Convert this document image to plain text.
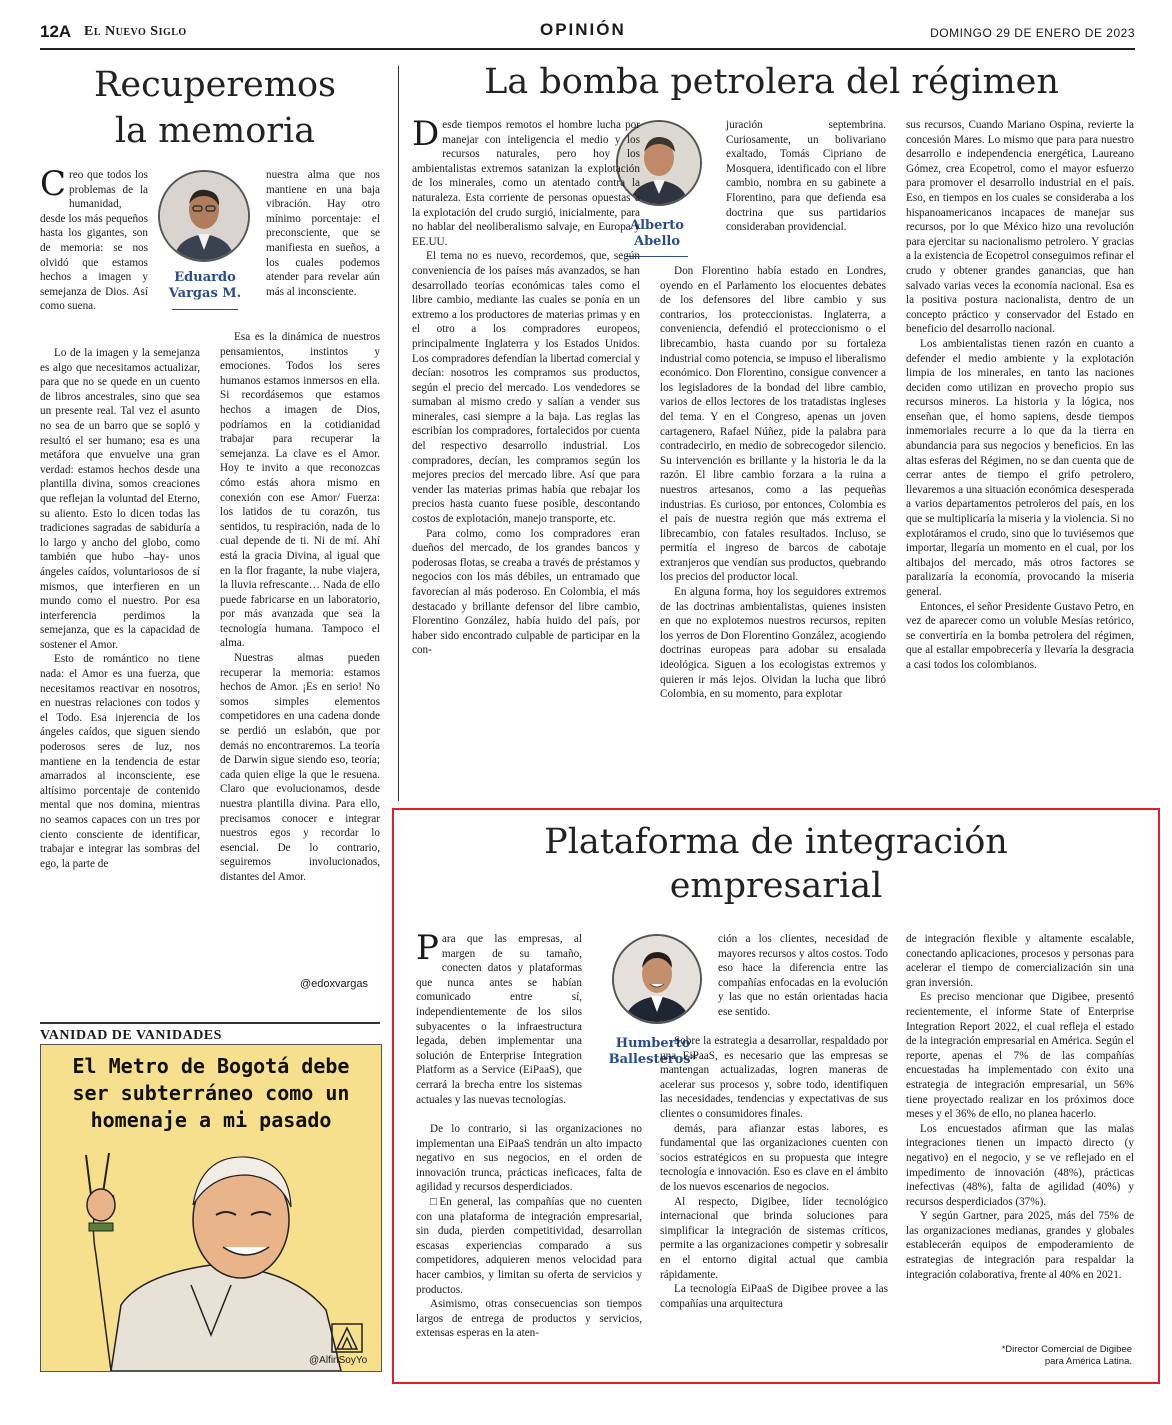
12A El Nuevo Siglo	OPINIÓN	DOMINGO 29 DE ENERO DE 2023
Recuperemos
la memoria
Eduardo
Vargas M.

Creo que todos los problemas de la humanidad, desde los más pequeños hasta los gigantes, son de memoria: se nos olvidó que estamos hechos a imagen y semejanza de Dios. Así como suena.

Lo de la imagen y la semejanza es algo que necesitamos actualizar, para que no se quede en un cuento de libros ancestrales, sino que sea un presente real. Tal vez el asunto no sea de un barro que se sopló y resultó el ser humano; esa es una metáfora que envuelve una gran verdad: estamos hechos desde una plantilla divina, somos creaciones que reflejan la voluntad del Eterno, su aliento. Esto lo dicen todas las tradiciones sagradas de sabiduría a lo largo y ancho del globo, como también que hubo –hay- unos ángeles caídos, voluntariosos de sí mismos, que interfieren en un mundo como el nuestro. Por esa interferencia perdimos la semejanza, que es la capacidad de sostener el Amor.

Esto de romántico no tiene nada: el Amor es una fuerza, que necesitamos reactivar en nosotros, en nuestras relaciones con todos y el Todo. Esa injerencia de los ángeles caídos, que siguen siendo poderosos seres de luz, nos mantiene en la tendencia de estar amarrados al inconsciente, ese altísimo porcentaje de contenido mental que nos domina, mientras no seamos capaces con un tres por ciento consciente de identificar, trabajar e integrar las sombras del ego, la parte de

nuestra alma que nos mantiene en una baja vibración. Hay otro mínimo porcentaje: el preconsciente, que se manifiesta en sueños, a los cuales podemos atender para revelar aún más al inconsciente.

Esa es la dinámica de nuestros pensamientos, instintos y emociones. Todos los seres humanos estamos inmersos en ella. Si recordásemos que estamos hechos a imagen de Dios, podríamos en la cotidianidad trabajar para recuperar la semejanza. La clave es el Amor. Hoy te invito a que reconozcas cómo estás ahora mismo en conexión con ese Amor/ Fuerza: los latidos de tu corazón, tus sentidos, tu respiración, nada de lo cual depende de ti. Ni de mí. Ahí está la gracia Divina, al igual que en la flor fragante, la nube viajera, la lluvia refrescante… Nada de ello puede fabricarse en un laboratorio, por más avanzada que sea la tecnología humana. Tampoco el alma.

Nuestras almas pueden recuperar la memoria: estamos hechos de Amor. ¡Es en serio! No somos simples elementos competidores en una cadena donde se perdió un eslabón, que por demás no encontraremos. La teoría de Darwin sigue siendo eso, teoría; cada quien elige la que le resuena. Claro que evolucionamos, desde nuestra plantilla divina. Para ello, precisamos conocer e integrar nuestros egos y recordar lo esencial. De lo contrario, seguiremos involucionados, distantes del Amor.

@edoxvargas
VANIDAD DE VANIDADES
El Metro de Bogotá debe
ser subterráneo como un
homenaje a mi pasado
@AlfinSoyYo
La bomba petrolera del régimen
Alberto
Abello

Desde tiempos remotos el hombre lucha por manejar con inteligencia el medio y los recursos naturales, pero hoy los ambientalistas extremos satanizan la explotación de los minerales, como un atentado contra la naturaleza. Esta corriente de personas opuestas a la explotación del crudo surgió, inicialmente, para no hablar del neoliberalismo salvaje, en Europa y EE.UU.

El tema no es nuevo, recordemos, que, según conveniencia de los países más avanzados, se han desarrollado teorías económicas tales como el libre cambio, mediante las cuales se ponía en un extremo a los productores de materias primas y en el otro a los compradores europeos, principalmente Inglaterra y los Estados Unidos. Los compradores defendían la libertad comercial y decían: nosotros les compramos sus productos, según el precio del mercado. Los vendedores se sumaban al mismo credo y salían a vender sus minerales, casi siempre a la baja. Las reglas las escribían los compradores, fortalecidos por cuenta del respectivo desarrollo industrial. Los compradores, decían, les compramos según los mejores precios del mercado libre. Así que para vender las materias primas había que rebajar los precios hasta cuanto fuese posible, descontando costos de explotación, manejo transporte, etc.

Para colmo, como los compradores eran dueños del mercado, de los grandes bancos y poderosas flotas, se creaba a través de préstamos y negocios con los más débiles, un entramado que favorecían al más poderoso. En Colombia, el más destacado y brillante defensor del libre cambio, Florentino González, había huido del país, por haber sido encontrado culpable de participar en la con-

juración septembrina. Curiosamente, un bolivariano exaltado, Tomás Cipriano de Mosquera, identificado con el libre cambio, nombra en su gabinete a Florentino, para que defienda esa doctrina que sus partidarios consideraban providencial.

Don Florentino había estado en Londres, oyendo en el Parlamento los elocuentes debates de los defensores del libre cambio y sus contrarios, los proteccionistas. Inglaterra, a conveniencia, defendió el proteccionismo o el librecambio, hasta cuando por su fortaleza industrial como potencia, se impuso el liberalismo económico. Don Florentino, consigue convencer a los legisladores de la bondad del libre cambio, varios de ellos lectores de los tratadistas ingleses del tema. Y en el Congreso, apenas un joven cartagenero, Rafael Núñez, pide la palabra para contradecirlo, en medio de sobrecogedor silencio. Su intervención es brillante y la historia le da la razón. El libre cambio forzara a la ruina a nuestros artesanos, como a las pequeñas industrias. Es curioso, por entonces, Colombia es el país de nuestra región que más extrema el librecambio, con fatales resultados. Incluso, se permitía el ingreso de barcos de cabotaje extranjeros que vendían sus productos, quebrando los precios del productor local.

En alguna forma, hoy los seguidores extremos de las doctrinas ambientalistas, quienes insisten en que no explotemos nuestros recursos, repiten los yerros de Don Florentino González, acogiendo doctrinas europeas para adobar su ensalada ideológica. Siguen a los ecologistas extremos y quieren ir más lejos. Olvidan la lucha que libró Colombia, en su momento, para explotar

sus recursos, Cuando Mariano Ospina, revierte la concesión Mares. Lo mismo que para para nuestro desarrollo e independencia energética, Laureano Gómez, crea Ecopetrol, como el mayor esfuerzo para promover el desarrollo industrial en el país. Eso, en tiempos en los cuales se consideraba a los hispanoamericanos incapaces de manejar sus recursos, por lo que México hizo una revolución para ejercitar su nacionalismo petrolero. Y gracias a la existencia de Ecopetrol conseguimos refinar el crudo y obtener grandes ganancias, que han salvado varias veces la economía nacional. Esa es la positiva postura nacionalista, dentro de un concepto práctico y conservador del Estado en beneficio del desarrollo nacional.

Los ambientalistas tienen razón en cuanto a defender el medio ambiente y la explotación limpia de los minerales, en tanto las naciones deciden como utilizan en provecho propio sus recursos mineros. La historia y la lógica, nos enseñan que, el homo sapiens, desde tiempos inmemoriales recurre a lo que da la tierra en abundancia para sus negocios y beneficios. En las altas esferas del Régimen, no se dan cuenta que de cerrar antes de tiempo el grifo petrolero, llevaremos a una situación económica desesperada a varios departamentos petroleros del país, en los que se multiplicaría la miseria y la violencia. Si no explotáramos el crudo, sino que lo tuviésemos que importar, llegaría un momento en el cual, por los altibajos del mercado, más otros factores se paralizaría la economía, provocando la miseria general.

Entonces, el señor Presidente Gustavo Petro, en vez de aparecer como un voluble Mesías retórico, se convertiría en la bomba petrolera del régimen, que al estallar empobrecería y llevaría la desgracia a casi todos los colombianos.

Plataforma de integración
empresarial
Humberto
Ballesteros*

Para que las empresas, al margen de su tamaño, conecten datos y plataformas que nunca antes se habían comunicado entre sí, independientemente de los silos subyacentes o la infraestructura legada, deben implementar una solución de Enterprise Integration Platform as a Service (EiPaaS), que cerrará la brecha entre los sistemas actuales y las nuevas tecnologías.

De lo contrario, si las organizaciones no implementan una EiPaaS tendrán un alto impacto negativo en sus negocios, en el orden de innovación trunca, prácticas ineficaces, falta de agilidad y recursos desperdiciados.

□En general, las compañías que no cuenten con una plataforma de integración empresarial, sin duda, pierden competitividad, desarrollan escasas experiencias comparado a sus competidores, adquieren menos velocidad para hacer cambios, y limitan su oferta de servicios y productos.

Asimismo, otras consecuencias son tiempos largos de entrega de productos y servicios, extensas esperas en la aten-

ción a los clientes, necesidad de mayores recursos y altos costos. Todo eso hace la diferencia entre las compañías enfocadas en la evolución y las que no están orientadas hacia ese sentido.

Sobre la estrategia a desarrollar, respaldado por una EiPaaS, es necesario que las empresas se mantengan actualizadas, logren maneras de acelerar sus procesos y, sobre todo, identifiquen las necesidades, tendencias y expectativas de sus clientes o consumidores finales.

demás, para afianzar estas labores, es fundamental que las organizaciones cuenten con socios estratégicos en su propuesta que integre tecnología e innovación. Eso es clave en el ámbito de los nuevos escenarios de negocios.

Al respecto, Digibee, líder tecnológico internacional que brinda soluciones para simplificar la integración de sistemas críticos, permite a las organizaciones competir y sobresalir en el entorno digital actual que cambia rápidamente.

La tecnología EiPaaS de Digibee provee a las compañías una arquitectura

de integración flexible y altamente escalable, conectando aplicaciones, procesos y personas para acelerar el tiempo de comercialización sin una gran inversión.

Es preciso mencionar que Digibee, presentó recientemente, el informe State of Enterprise Integration Report 2022, el cual refleja el estado de la integración empresarial en América. Según el reporte, apenas el 7% de las compañías encuestadas ha implementado con éxito una estrategia de integración empresarial, un 56% tiene proyectado realizar en los próximos doce meses y el 36% de ello, no planea hacerlo.

Los encuestados afirman que las malas integraciones tienen un impacto directo (y negativo) en el negocio, y se ve reflejado en el impedimento de innovación (48%), prácticas inefectivas (48%), falta de agilidad (40%) y recursos desperdiciados (37%).

Y según Gartner, para 2025, más del 75% de las organizaciones medianas, grandes y globales establecerán equipos de empoderamiento de estrategias de integración para respaldar la integración colaborativa, frente al 40% en 2021.

*Director Comercial de Digibee
para América Latina.
